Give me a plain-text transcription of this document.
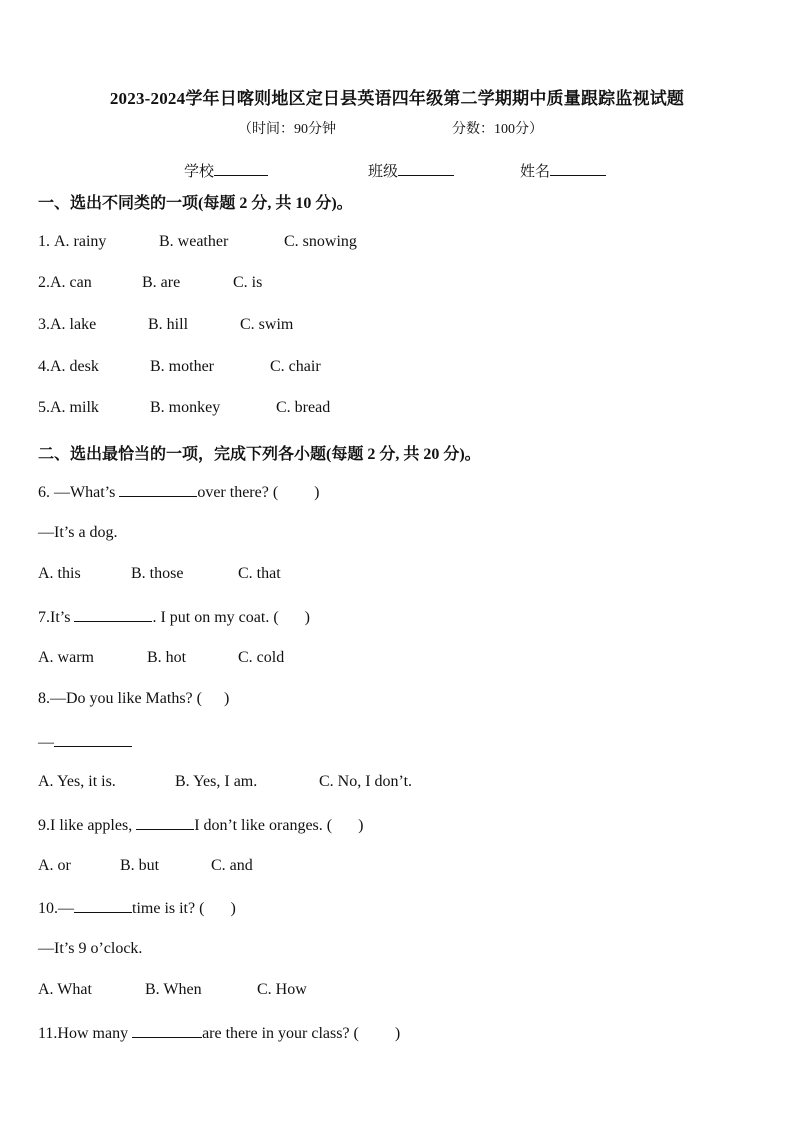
2023-2024学年日喀则地区定日县英语四年级第二学期期中质量跟踪监视试题
（时间：90分钟	分数：100分）
学校	班级	姓名
一、选出不同类的一项(每题 2 分, 共 10 分)。
1. A. rainy	B. weather	C. snowing
2.A. can	B. are	C. is
3.A. lake	B. hill	C. swim
4.A. desk	B. mother	C. chair
5.A. milk	B. monkey	C. bread
二、选出最恰当的一项，完成下列各小题(每题 2 分, 共 20 分)。
6. —What’s	over there? ( )
—It’s a dog.
A. this	B. those	C. that
7.It’s	. I put on my coat. ( )
A. warm	B. hot	C. cold
8.—Do you like Maths? ( )
—
A. Yes, it is.	B. Yes, I am.	C. No, I don’t.
9.I like apples,	I don’t like oranges. ( )
A. or	B. but	C. and
10.—	time is it? ( )
—It’s 9 o’clock.
A. What	B. When	C. How
11.How many	are there in your class? ( )
